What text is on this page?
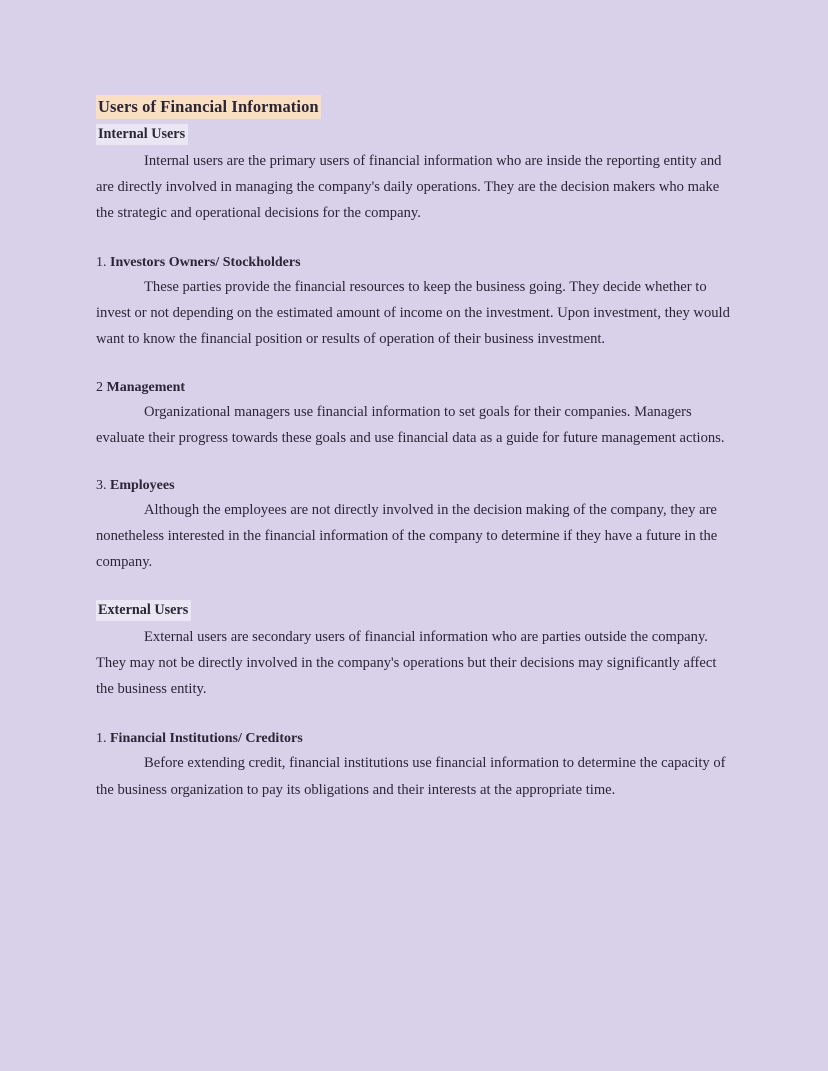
Users of Financial Information
Internal Users

Internal users are the primary users of financial information who are inside the reporting entity and are directly involved in managing the company's daily operations. They are the decision makers who make the strategic and operational decisions for the company.

1. Investors Owners/ Stockholders

These parties provide the financial resources to keep the business going. They decide whether to invest or not depending on the estimated amount of income on the investment. Upon investment, they would want to know the financial position or results of operation of their business investment.

2 Management

Organizational managers use financial information to set goals for their companies. Managers evaluate their progress towards these goals and use financial data as a guide for future management actions.

3. Employees

Although the employees are not directly involved in the decision making of the company, they are nonetheless interested in the financial information of the company to determine if they have a future in the company.

External Users

External users are secondary users of financial information who are parties outside the company. They may not be directly involved in the company's operations but their decisions may significantly affect the business entity.

1. Financial Institutions/ Creditors

Before extending credit, financial institutions use financial information to determine the capacity of the business organization to pay its obligations and their interests at the appropriate time.
